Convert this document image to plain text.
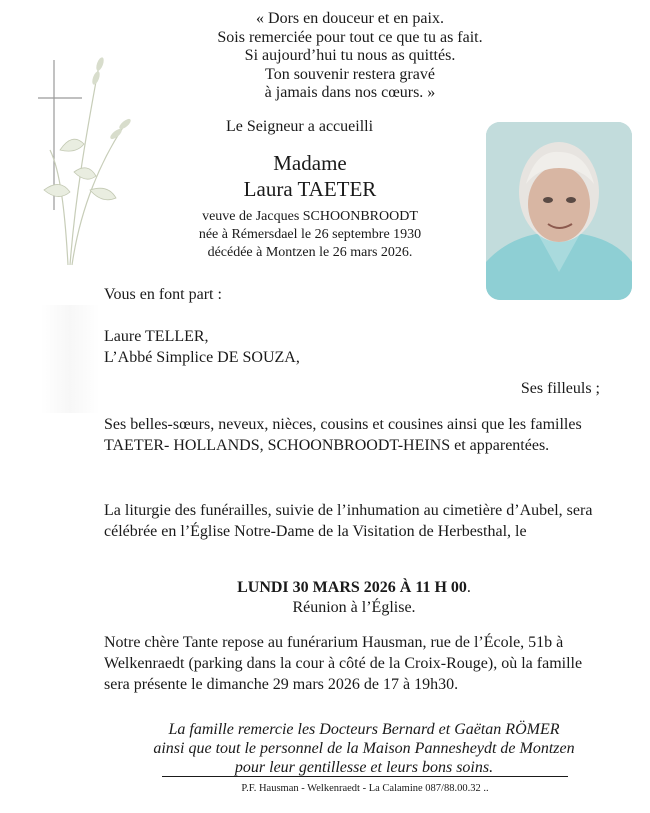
« Dors en douceur et en paix.
Sois remerciée pour tout ce que tu as fait.
Si aujourd’hui tu nous as quittés.
Ton souvenir restera gravé
à jamais dans nos cœurs. »
Le Seigneur a accueilli
Madame
Laura TAETER
veuve de Jacques SCHOONBROODT
née à Rémersdael le 26 septembre 1930
décédée à Montzen le 26 mars 2026.
Vous en font part :
Laure TELLER,
L’Abbé Simplice DE SOUZA,
Ses filleuls ;
Ses belles-sœurs, neveux, nièces, cousins et cousines ainsi que les familles TAETER- HOLLANDS, SCHOONBROODT-HEINS et apparentées.
La liturgie des funérailles, suivie de l’inhumation au cimetière d’Aubel, sera célébrée en l’Église Notre-Dame de la Visitation de Herbesthal, le
LUNDI 30 MARS 2026 À 11 H 00.
Réunion à l’Église.
Notre chère Tante repose au funérarium Hausman, rue de l’École, 51b à Welkenraedt (parking dans la cour à côté de la Croix-Rouge), où la famille sera présente le dimanche 29 mars 2026 de 17 à 19h30.
La famille remercie les Docteurs Bernard et Gaëtan RÖMER
ainsi que tout le personnel de la Maison Pannesheydt de Montzen
pour leur gentillesse et leurs bons soins.
P.F. Hausman - Welkenraedt - La Calamine 087/88.00.32 ..
